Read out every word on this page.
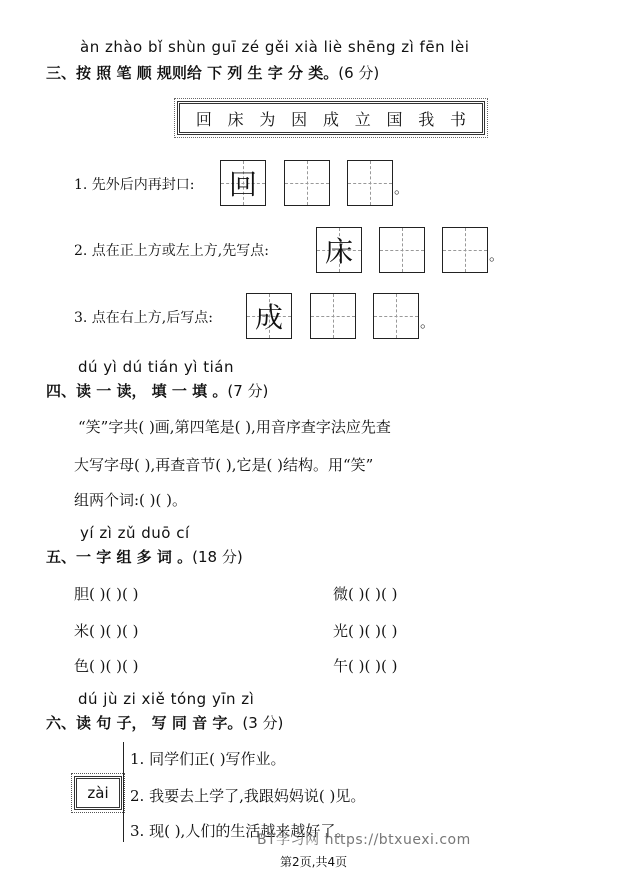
àn zhào bǐ shùn guī zé gěi xià liè shēng zì fēn lèi
三、按 照 笔 顺 规则给 下 列 生 字 分 类。(6 分)
回 床 为 因 成 立 国 我 书
1. 先外后内再封口: 回	。
2. 点在正上方或左上方,先写点: 床	。
3. 点在右上方,后写点: 成	。
dú yì dú tián yì tián
四、读 一 读， 填 一 填 。(7 分)
“笑”字共( )画,第四笔是( ),用音序查字法应先查
大写字母( ),再查音节( ),它是( )结构。用“笑”
组两个词:( )( )。
yí zì zǔ duō cí
五、一 字 组 多 词 。(18 分)
胆( )( )( )	微( )( )( )
米( )( )( )	光( )( )( )
色( )( )( )	午( )( )( )
dú jù zi xiě tóng yīn zì
六、读 句 子， 写 同 音 字。(3 分)
zài
1. 同学们正( )写作业。
2. 我要去上学了,我跟妈妈说( )见。
3. 现( ),人们的生活越来越好了。
BT学习网 https://btxuexi.com
第2页,共4页
